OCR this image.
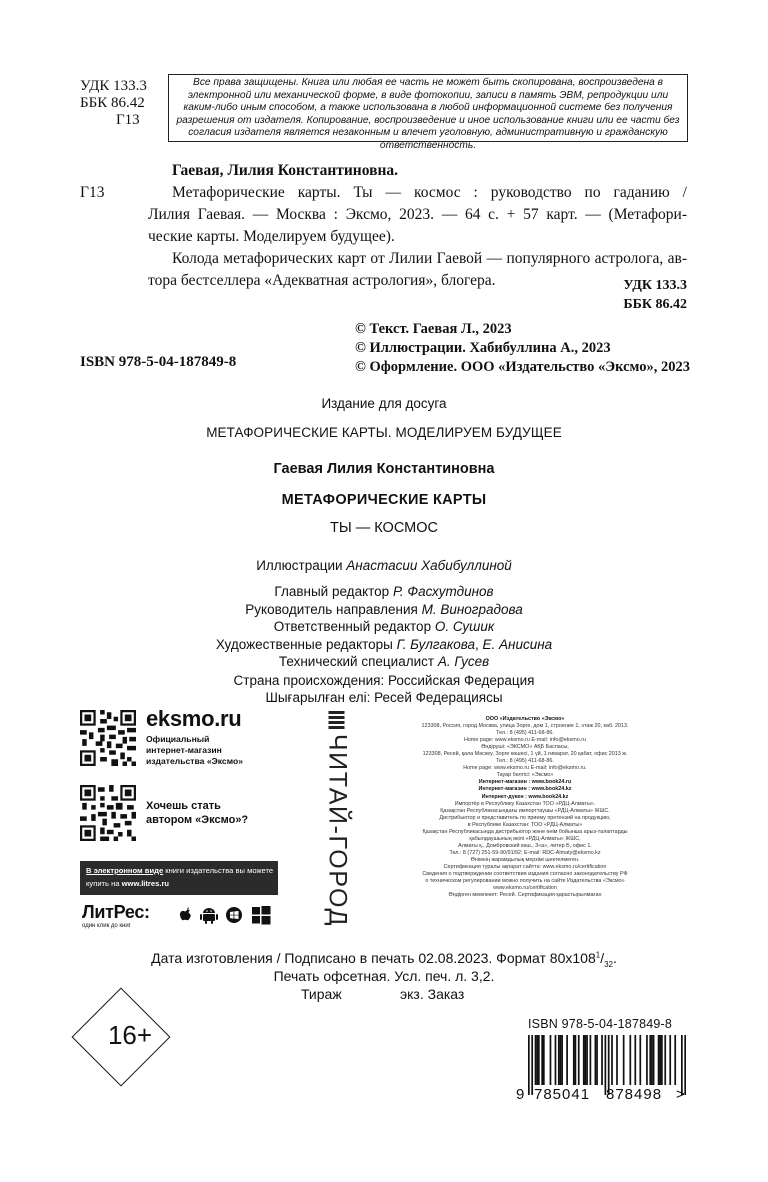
УДК 133.3
ББК 86.42
Г13
Все права защищены. Книга или любая ее часть не может быть скопирована, воспроизведена в электронной или механической форме, в виде фотокопии, записи в память ЭВМ, репродукции или каким-либо иным способом, а также использована в любой информационной системе без получения разрешения от издателя. Копирование, воспроизведение и иное использование книги или ее части без согласия издателя является незаконным и влечет уголовную, административную и гражданскую ответственность.
Гаевая, Лилия Константиновна.
Г13	Метафорические карты. Ты — космос : руководство по гаданию /
Лилия Гаевая. — Москва : Эксмо, 2023. — 64 с. + 57 карт. — (Метафори-
ческие карты. Моделируем будущее).
Колода метафорических карт от Лилии Гаевой — популярного астролога, ав-
тора бестселлера «Адекватная астрология», блогера.	УДК 133.3
ББК 86.42
© Текст. Гаевая Л., 2023
© Иллюстрации. Хабибуллина А., 2023
© Оформление. ООО «Издательство «Эксмо», 2023
ISBN 978-5-04-187849-8
Издание для досуга
МЕТАФОРИЧЕСКИЕ КАРТЫ. МОДЕЛИРУЕМ БУДУЩЕЕ
Гаевая Лилия Константиновна
МЕТАФОРИЧЕСКИЕ КАРТЫ
ТЫ — КОСМОС
Иллюстрации Анастасии Хабибуллиной
Главный редактор Р. Фасхутдинов
Руководитель направления М. Виноградова
Ответственный редактор О. Сушик
Художественные редакторы Г. Булгакова, Е. Анисина
Технический специалист А. Гусев
Страна происхождения: Российская Федерация
Шығарылған елі: Ресей Федерациясы
eksmo.ru
Официальный
интернет-магазин
издательства «Эксмо»
Хочешь стать
автором «Эксмо»?
В электронном виде книги издательства вы можете
купить на www.litres.ru
ЛитРес:
один клик до книг	ЧИТАЙ-ГОРОД
ООО «Издательство «Эксмо»
123308, Россия, город Москва, улица Зорге, дом 1, строение 1, этаж 20, каб. 2013.
Тел.: 8 (495) 411-68-86.
Home page: www.eksmo.ru E-mail: info@eksmo.ru
Өндіруші: «ЭКСМО» АҚБ Баспасы,
123308, Ресей, қала Мәскеу, Зорге көшесі, 1 үй, 1 ғимарат, 20 қабат, офис 2013 ж.
Тел.: 8 (495) 411-68-86.
Home page: www.eksmo.ru E-mail: info@eksmo.ru.
Тауар белгісі: «Эксмо»
Интернет-магазин : www.book24.ru
Интернет-магазин : www.book24.kz
Интернет-дүкен : www.book24.kz
Импортёр в Республику Казахстан ТОО «РДЦ-Алматы».
Қазақстан Республикасындағы импорттаушы «РДЦ-Алматы» ЖШС.
Дистрибьютор и представитель по приему претензий на продукцию,
в Республике Казахстан: ТОО «РДЦ-Алматы»
Қазақстан Республикасында дистрибьютор және өнім бойынша арыз-талаптарды
қабылдаушының өкілі «РДЦ-Алматы» ЖШС,
Алматы қ., Домбровский көш., 3«а», литер Б, офис 1.
Тел.: 8 (727) 251-59-90/91/92; E-mail: RDC-Almaty@eksmo.kz
Өнімнің жарамдылық мерзімі шектелмеген.
Сертификация туралы ақпарат сайтта: www.eksmo.ru/certification
Сведения о подтверждении соответствия издания согласно законодательству РФ
о техническом регулировании можно получить на сайте Издательства «Эксмо»
www.eksmo.ru/certification
Өндірген мемлекет: Ресей. Сертификация қарастырылмаған
Дата изготовления / Подписано в печать 02.08.2023. Формат $80х108^1/_{32}$.
Печать офсетная. Усл. печ. л. 3,2.
Тираж	экз. Заказ
16+	ISBN 978-5-04-187849-8
9 785041 878498 >
